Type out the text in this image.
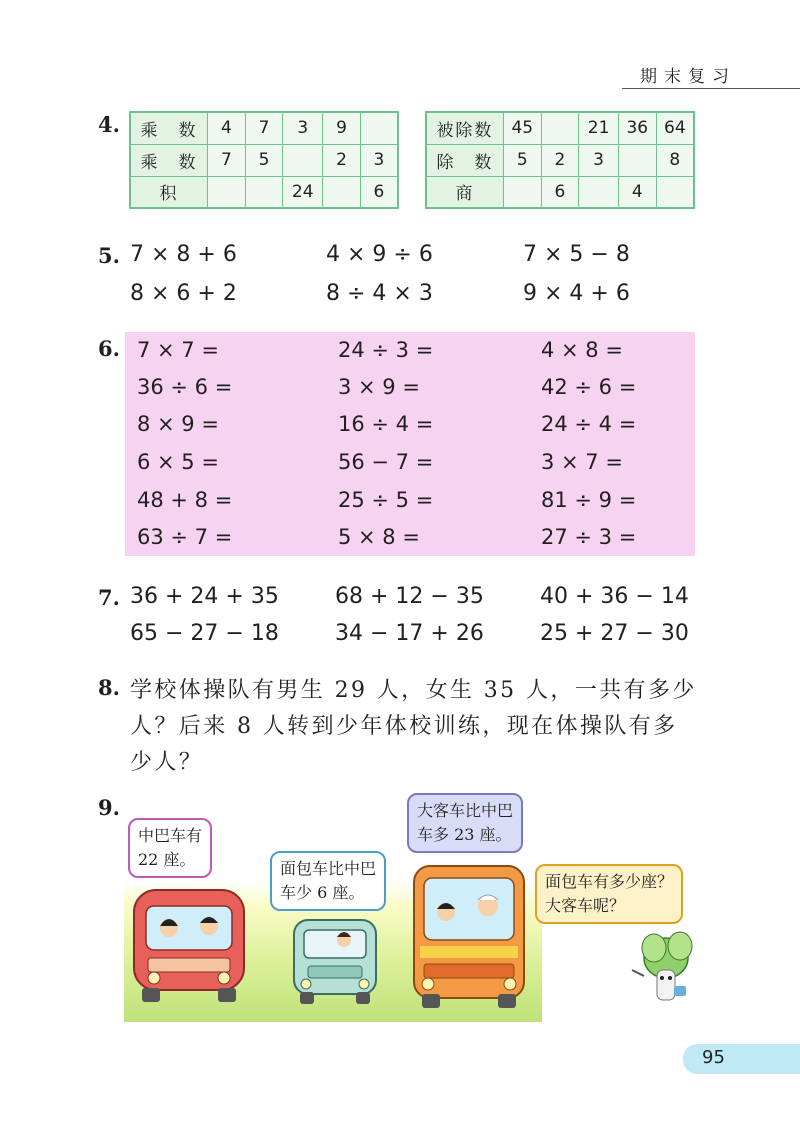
期末复习
4. 乘　数	4	7	3	9	
乘　数	7	5		2	3
积			24		6
被除数	45		21	36	64
除　数	5	2	3		8
商		6		4	
5. 7 × 8 + 6	4 × 9 ÷ 6	7 × 5 − 8
8 × 6 + 2	8 ÷ 4 × 3	9 × 4 + 6
6. 7 × 7 =	24 ÷ 3 =	4 × 8 =
36 ÷ 6 =	3 × 9 =	42 ÷ 6 =
8 × 9 =	16 ÷ 4 =	24 ÷ 4 =
6 × 5 =	56 − 7 =	3 × 7 =
48 + 8 =	25 ÷ 5 =	81 ÷ 9 =
63 ÷ 7 =	5 × 8 =	27 ÷ 3 =
7. 36 + 24 + 35	68 + 12 − 35	40 + 36 − 14
65 − 27 − 18	34 − 17 + 26	25 + 27 − 30
8. 学校体操队有男生 29 人，女生 35 人，一共有多少
人？后来 8 人转到少年体校训练，现在体操队有多
少人？
9.
中巴车有
22 座。	面包车比中巴
车少 6 座。
大客车比中巴
车多 23 座。
面包车有多少座？
大客车呢？
95
